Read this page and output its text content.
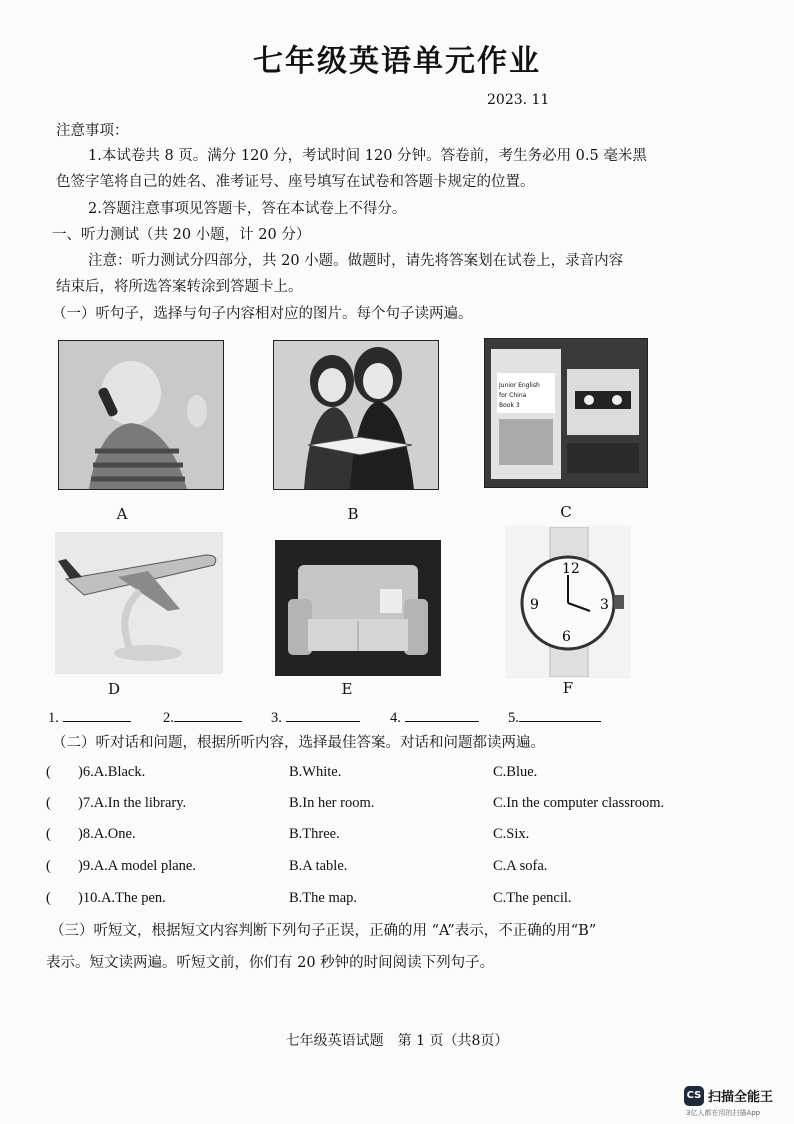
七年级英语单元作业
2023. 11
注意事项：
1.本试卷共 8 页。满分 120 分，考试时间 120 分钟。答卷前，考生务必用 0.5 毫米黑
色签字笔将自己的姓名、准考证号、座号填写在试卷和答题卡规定的位置。
2.答题注意事项见答题卡，答在本试卷上不得分。
一、听力测试（共 20 小题，计 20 分）
注意：听力测试分四部分，共 20 小题。做题时，请先将答案划在试卷上，录音内容
结束后，将所选答案转涂到答题卡上。
（一）听句子，选择与句子内容相对应的图片。每个句子读两遍。
Junior English
for China
Book 3
A	B	C
12
6
9	3
D	E	F
1.	2.	3.	4.	5.
（二）听对话和问题，根据所听内容，选择最佳答案。对话和问题都读两遍。
( )6.A.Black.	B.White.	C.Blue.
( )7.A.In the library.	B.In her room.	C.In the computer classroom.
( )8.A.One.	B.Three.	C.Six.
( )9.A.A model plane.	B.A table.	C.A sofa.
( )10.A.The pen.	B.The map.	C.The pencil.
（三）听短文，根据短文内容判断下列句子正误，正确的用 “A”表示，不正确的用“B”
表示。短文读两遍。听短文前，你们有 20 秒钟的时间阅读下列句子。
七年级英语试题　第 1 页（共8页）
CS 扫描全能王
3亿人都在用的扫描App
